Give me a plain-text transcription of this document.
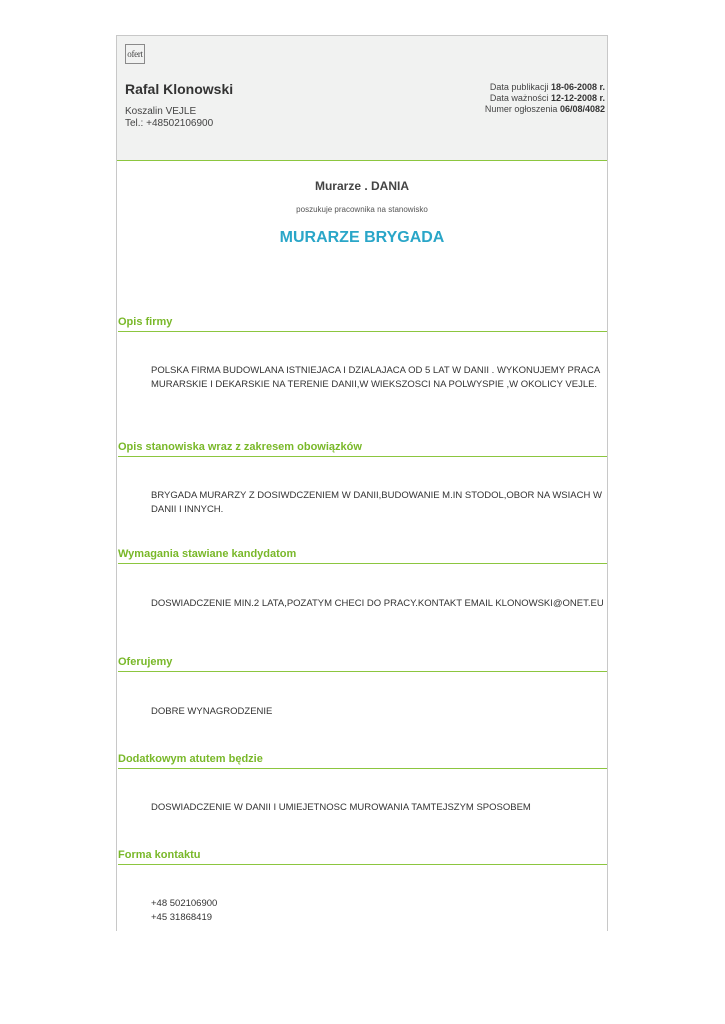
ofert
Rafal Klonowski
Koszalin VEJLE
Tel.: +48502106900
Data publikacji 18-06-2008 r.
Data ważności 12-12-2008 r.
Numer ogłoszenia 06/08/4082
Murarze . DANIA
poszukuje pracownika na stanowisko
MURARZE BRYGADA
Opis firmy
POLSKA FIRMA BUDOWLANA ISTNIEJACA I DZIALAJACA OD 5 LAT W DANII . WYKONUJEMY PRACA MURARSKIE I DEKARSKIE NA TERENIE DANII,W WIEKSZOSCI NA POLWYSPIE ,W OKOLICY VEJLE.
Opis stanowiska wraz z zakresem obowiązków
BRYGADA MURARZY Z DOSIWDCZENIEM W DANII,BUDOWANIE M.IN STODOL,OBOR NA WSIACH W DANII I INNYCH.
Wymagania stawiane kandydatom
DOSWIADCZENIE MIN.2 LATA,POZATYM CHECI DO PRACY.KONTAKT EMAIL KLONOWSKI@ONET.EU
Oferujemy
DOBRE WYNAGRODZENIE
Dodatkowym atutem będzie
DOSWIADCZENIE W DANII I UMIEJETNOSC MUROWANIA TAMTEJSZYM SPOSOBEM
Forma kontaktu
+48 502106900
+45 31868419
